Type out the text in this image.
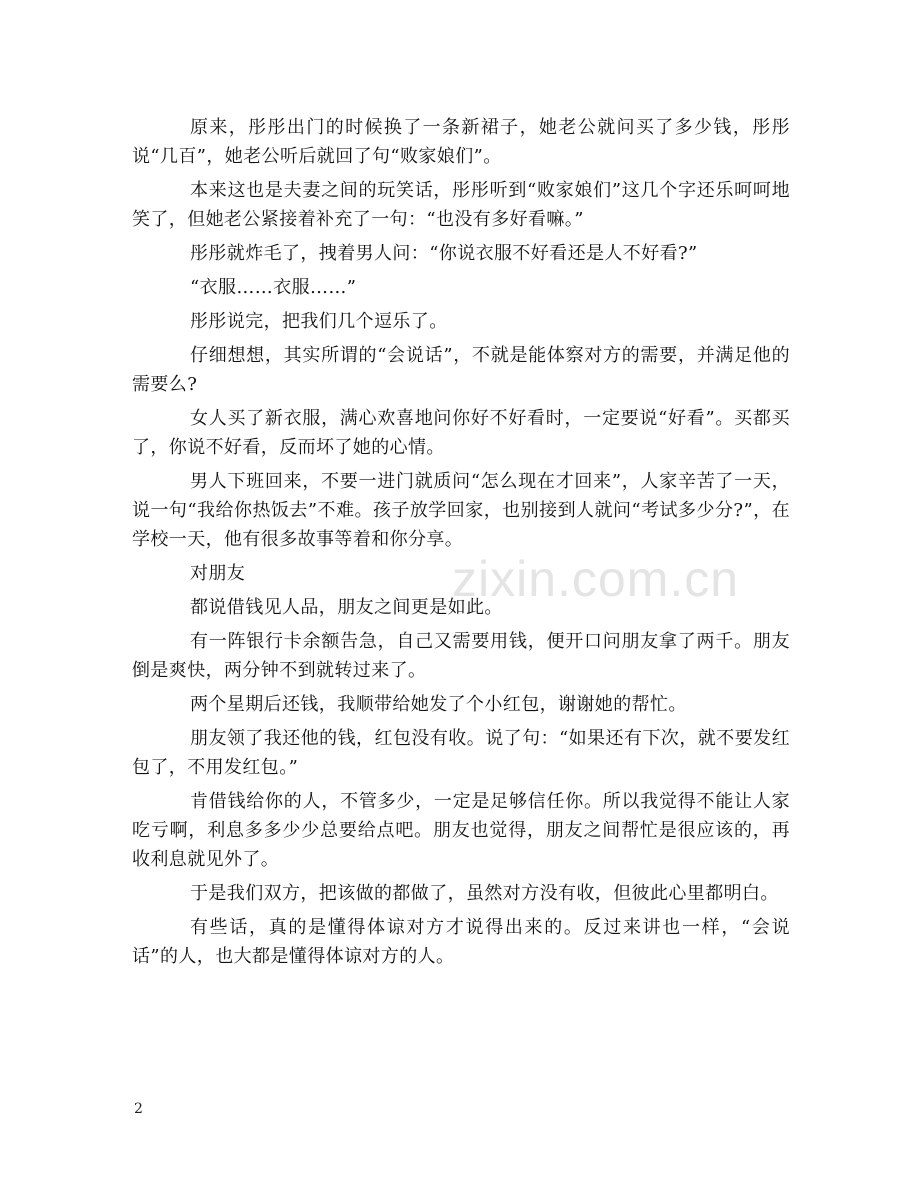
原来，彤彤出门的时候换了一条新裙子，她老公就问买了多少钱，彤彤说“几百”，她老公听后就回了句“败家娘们”。

本来这也是夫妻之间的玩笑话，彤彤听到“败家娘们”这几个字还乐呵呵地笑了，但她老公紧接着补充了一句：“也没有多好看嘛。”

彤彤就炸毛了，拽着男人问：“你说衣服不好看还是人不好看?”

“衣服……衣服……”

彤彤说完，把我们几个逗乐了。

仔细想想，其实所谓的“会说话”，不就是能体察对方的需要，并满足他的需要么?

女人买了新衣服，满心欢喜地问你好不好看时，一定要说“好看”。买都买了，你说不好看，反而坏了她的心情。

男人下班回来，不要一进门就质问“怎么现在才回来”，人家辛苦了一天，说一句“我给你热饭去”不难。孩子放学回家，也别接到人就问“考试多少分?”，在学校一天，他有很多故事等着和你分享。

对朋友

都说借钱见人品，朋友之间更是如此。

有一阵银行卡余额告急，自己又需要用钱，便开口问朋友拿了两千。朋友倒是爽快，两分钟不到就转过来了。

两个星期后还钱，我顺带给她发了个小红包，谢谢她的帮忙。

朋友领了我还他的钱，红包没有收。说了句：“如果还有下次，就不要发红包了，不用发红包。”

肯借钱给你的人，不管多少，一定是足够信任你。所以我觉得不能让人家吃亏啊，利息多多少少总要给点吧。朋友也觉得，朋友之间帮忙是很应该的，再收利息就见外了。

于是我们双方，把该做的都做了，虽然对方没有收，但彼此心里都明白。

有些话，真的是懂得体谅对方才说得出来的。反过来讲也一样，“会说话”的人，也大都是懂得体谅对方的人。

zixin.com.cn
2
